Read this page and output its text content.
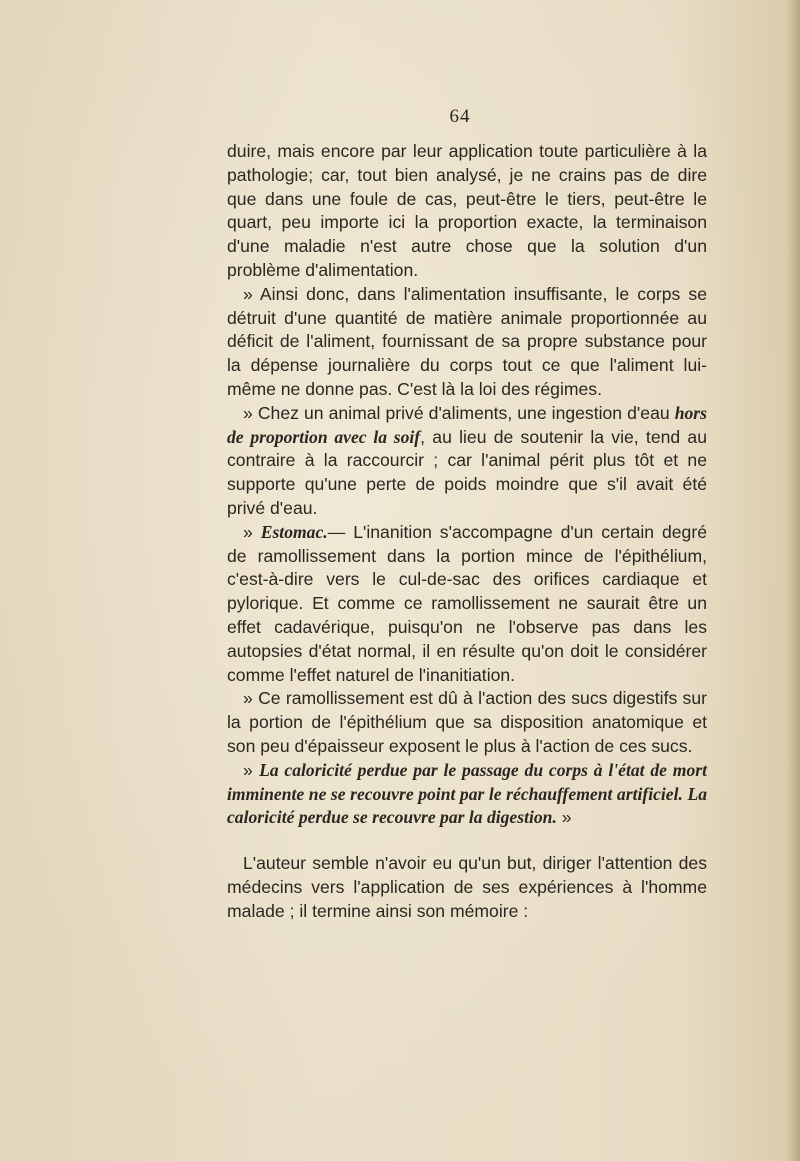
64

duire, mais encore par leur application toute particulière à la pathologie; car, tout bien analysé, je ne crains pas de dire que dans une foule de cas, peut-être le tiers, peut-être le quart, peu importe ici la proportion exacte, la terminaison d'une maladie n'est autre chose que la solution d'un problème d'alimentation.

» Ainsi donc, dans l'alimentation insuffisante, le corps se détruit d'une quantité de matière animale proportionnée au déficit de l'aliment, fournissant de sa propre substance pour la dépense journalière du corps tout ce que l'aliment lui-même ne donne pas. C'est là la loi des régimes.

» Chez un animal privé d'aliments, une ingestion d'eau hors de proportion avec la soif, au lieu de soutenir la vie, tend au contraire à la raccourcir ; car l'animal périt plus tôt et ne supporte qu'une perte de poids moindre que s'il avait été privé d'eau.

» Estomac.— L'inanition s'accompagne d'un certain degré de ramollissement dans la portion mince de l'épithélium, c'est-à-dire vers le cul-de-sac des orifices cardiaque et pylorique. Et comme ce ramollissement ne saurait être un effet cadavérique, puisqu'on ne l'observe pas dans les autopsies d'état normal, il en résulte qu'on doit le considérer comme l'effet naturel de l'inanitiation.

» Ce ramollissement est dû à l'action des sucs digestifs sur la portion de l'épithélium que sa disposition anatomique et son peu d'épaisseur exposent le plus à l'action de ces sucs.

» La caloricité perdue par le passage du corps à l'état de mort imminente ne se recouvre point par le réchauffement artificiel. La caloricité perdue se recouvre par la digestion. »

L'auteur semble n'avoir eu qu'un but, diriger l'attention des médecins vers l'application de ses expériences à l'homme malade ; il termine ainsi son mémoire :
